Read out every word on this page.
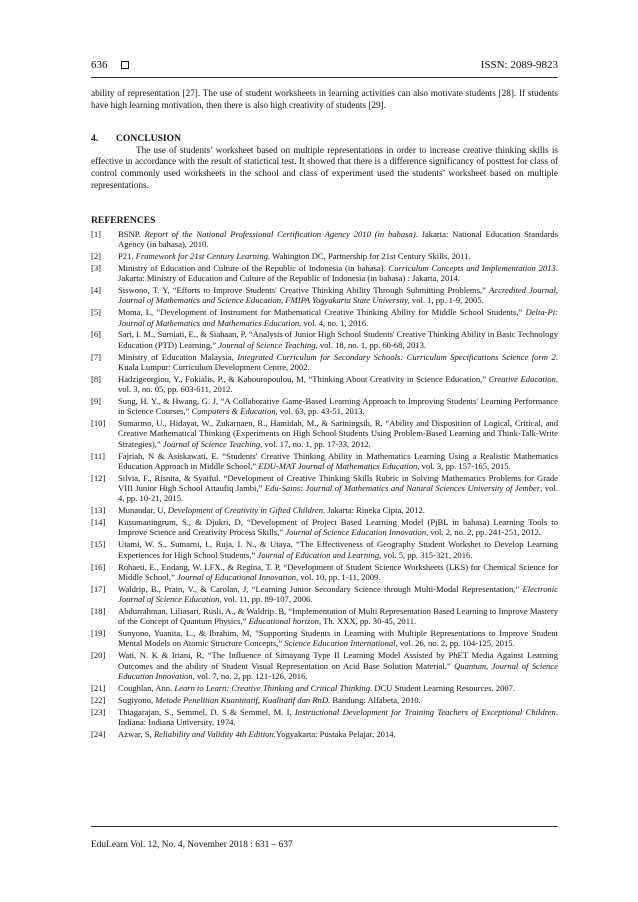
636	ISSN: 2089-9823

ability of representation [27]. The use of student worksheets in learning activities can also motivate students [28]. If students have high learning motivation, then there is also high creativity of students [29].

4. CONCLUSION

The use of students’ worksheet based on multiple representations in order to increase creative thinking skills is effective in accordance with the result of statictical test. It showed that there is a difference significancy of posttest for class of control commonly used worksheets in the school and class of experiment used the students’ worksheet based on multiple representations.

REFERENCES
[1] BSNP. Report of the National Professional Certification Agency 2010 (in bahasa). Jakarta: National Education Standards Agency (in bahasa), 2010.
[2] P21. Framework for 21st Century Learning. Wahington DC, Partnership for 21st Century Skills, 2011.
[3] Ministry of Education and Culture of the Republic of Indonesia (in bahasa). Curriculum Concepts and Implementation 2013. Jakarta: Ministry of Education and Culture of the Republic of Indonesia (in bahasa) : Jakarta, 2014.
[4] Siswono, T. Y, “Efforts to Improve Students' Creative Thinking Ability Through Submitting Problems,” Accredited Journal, Journal of Mathematics and Science Education, FMIPA Yogyakarta State University, vol. 1, pp. 1-9, 2005.
[5] Moma, L, ”Development of Instrument for Mathematical Creative Thinking Ability for Middle School Students,” Delta-Pi: Journal of Mathematics and Mathematics Education, vol. 4, no. 1, 2016.
[6] Sari, I. M., Sumiati, E., & Siahaan, P, “Analysis of Junior High School Students' Creative Thinking Ability in Basic Technology Education (PTD) Learning,” Journal of Science Teaching, vol. 18, no. 1, pp. 60-68, 2013.
[7] Ministry of Education Malaysia, Integrated Curriculum for Secondary Schools: Curriculum Specifications Science form 2. Kuala Lumpur: Curriculum Development Centre, 2002.
[8] Hadzigeorgiou, Y., Fokialis, P., & Kabouropoulou, M, “Thinking About Creativity in Science Education,” Creative Education, vol. 3, no. 05, pp. 603-611, 2012.
[9] Sung, H. Y., & Hwang, G. J, “A Collaborative Game-Based Learning Approach to Improving Students' Learning Performance in Science Courses,” Computers & Education, vol. 63, pp. 43-51, 2013.
[10] Sumarmo, U., Hidayat, W., Zukarnaen, R., Hamidah, M., & Sariningsih, R, “Ability and Disposition of Logical, Critical, and Creative Mathematical Thinking (Experiments on High School Students Using Problem-Based Learning and Think-Talk-Write Strategies),” Journal of Science Teaching, vol. 17, no. 1, pp. 17-33, 2012.
[11] Fajriah, N & Asiskawati, E. “Students' Creative Thinking Ability in Mathematics Learning Using a Realistic Mathematics Education Approach in Middle School,” EDU-MAT Journal of Mathematics Education, vol. 3, pp. 157-165, 2015.
[12] Silvia, F., Risnita, & Syaiful. “Development of Creative Thinking Skills Rubric in Solving Mathematics Problems for Grade VIII Junior High School Attaufiq Jambi,” Edu-Sains: Journal of Mathematics and Natural Sciences University of Jember, vol. 4, pp. 10-21, 2015.
[13] Munandar, U, Development of Creativity in Gifted Children. Jakarta: Rineka Cipta, 2012.
[14] Kusumaningrum, S., & Djukri, D, “Development of Project Based Learning Model (PjBL in bahasa) Learning Tools to Improve Science and Creativity Process Skills,” Journal of Science Education Innovation, vol. 2, no. 2, pp. 241-251, 2012.
[15] Utami, W. S., Sumarni, I., Ruja, I. N., & Utaya, “The Effectiveness of Geography Student Workshet to Develop Learning Experiences for High School Students,” Journal of Education and Learning, vol. 5, pp. 315-321, 2016.
[16] Rohaeti, E., Endang, W. LFX., & Regina, T. P, “Development of Student Science Worksheets (LKS) for Chemical Science for Middle School,” Journal of Educational Innovation, vol. 10, pp. 1-11, 2009.
[17] Waldrip, B., Prain, V., & Carolan, J, “Learning Junior Secondary Science through Multi-Modal Representation,” Electronic Journal of Science Education, vol. 11, pp. 89-107, 2006.
[18] Abdurrahman, Liliasari, Rusli, A., & Waldrip. B, “Implementation of Multi Representation Based Learning to Improve Mastery of the Concept of Quantum Physics,” Educational horizon, Th. XXX, pp. 30-45, 2011.
[19] Sunyono, Yuanita, L., & Ibrahim, M, “Supporting Students in Learning with Multiple Representations to Improve Student Mental Models on Atomic Structure Concepts,” Science Education International, vol. 26, no. 2, pp. 104-125, 2015.
[20] Wati, N. K & Iriani, R, “The Influence of Simayang Type II Learning Model Assisted by PhET Media Against Learning Outcomes and the ability of Student Visual Representation on Acid Base Solution Material,” Quantum, Journal of Science Education Innovation, vol. 7, no. 2, pp. 121-126, 2016.
[21] Coughlan, Ann. Learn to Learn: Creative Thinking and Critical Thinking. DCU Student Learning Resources. 2007.
[22] Sugiyono, Metode Penelitian Kuantitatif, Kualitatif dan RnD. Bandung: Alfabeta, 2010.
[23] Thiagarajan, S., Semmel, D. S & Semmel, M. I, Instructional Development for Training Teachers of Exceptional Children. Indiana: Indiana University, 1974.
[24] Azwar, S, Reliability and Validity 4th Edition.Yogyakarta: Pustaka Pelajar, 2014.
EduLearn Vol. 12, No. 4, November 2018 : 631 – 637
